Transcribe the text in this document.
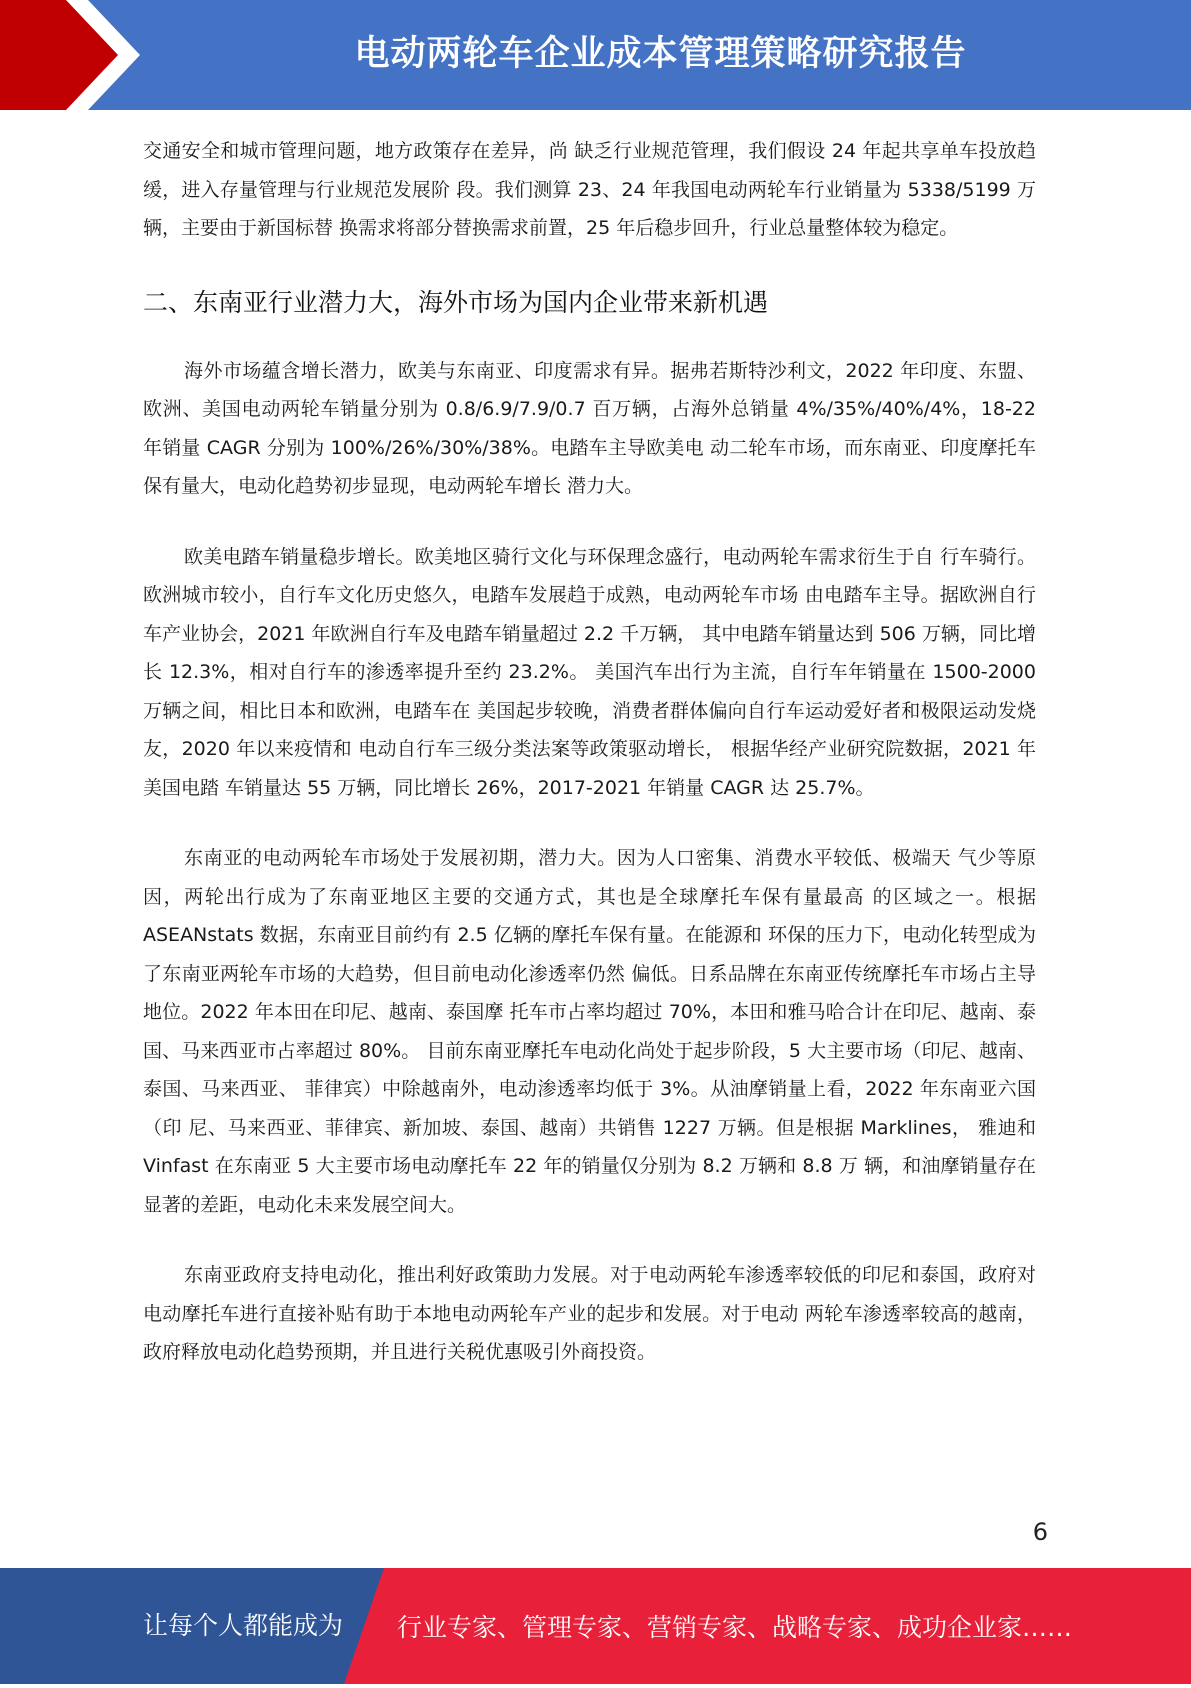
电动两轮车企业成本管理策略研究报告

交通安全和城市管理问题，地方政策存在差异，尚 缺乏行业规范管理，我们假设 24 年起共享单车投放趋缓，进入存量管理与行业规范发展阶 段。我们测算 23、24 年我国电动两轮车行业销量为 5338/5199 万辆，主要由于新国标替 换需求将部分替换需求前置，25 年后稳步回升，行业总量整体较为稳定。

二、东南亚行业潜力大，海外市场为国内企业带来新机遇

海外市场蕴含增长潜力，欧美与东南亚、印度需求有异。据弗若斯特沙利文，2022 年印度、东盟、欧洲、美国电动两轮车销量分别为 0.8/6.9/7.9/0.7 百万辆，占海外总销量 4%/35%/40%/4%，18-22 年销量 CAGR 分别为 100%/26%/30%/38%。电踏车主导欧美电 动二轮车市场，而东南亚、印度摩托车保有量大，电动化趋势初步显现，电动两轮车增长 潜力大。

欧美电踏车销量稳步增长。欧美地区骑行文化与环保理念盛行，电动两轮车需求衍生于自 行车骑行。欧洲城市较小，自行车文化历史悠久，电踏车发展趋于成熟，电动两轮车市场 由电踏车主导。据欧洲自行车产业协会，2021 年欧洲自行车及电踏车销量超过 2.2 千万辆， 其中电踏车销量达到 506 万辆，同比增长 12.3%，相对自行车的渗透率提升至约 23.2%。 美国汽车出行为主流，自行车年销量在 1500-2000 万辆之间，相比日本和欧洲，电踏车在 美国起步较晚，消费者群体偏向自行车运动爱好者和极限运动发烧友，2020 年以来疫情和 电动自行车三级分类法案等政策驱动增长， 根据华经产业研究院数据，2021 年美国电踏 车销量达 55 万辆，同比增长 26%，2017-2021 年销量 CAGR 达 25.7%。

东南亚的电动两轮车市场处于发展初期，潜力大。因为人口密集、消费水平较低、极端天 气少等原因，两轮出行成为了东南亚地区主要的交通方式，其也是全球摩托车保有量最高 的区域之一。根据 ASEANstats 数据，东南亚目前约有 2.5 亿辆的摩托车保有量。在能源和 环保的压力下，电动化转型成为了东南亚两轮车市场的大趋势，但目前电动化渗透率仍然 偏低。日系品牌在东南亚传统摩托车市场占主导地位。2022 年本田在印尼、越南、泰国摩 托车市占率均超过 70%，本田和雅马哈合计在印尼、越南、泰国、马来西亚市占率超过 80%。 目前东南亚摩托车电动化尚处于起步阶段，5 大主要市场（印尼、越南、泰国、马来西亚、 菲律宾）中除越南外，电动渗透率均低于 3%。从油摩销量上看，2022 年东南亚六国（印 尼、马来西亚、菲律宾、新加坡、泰国、越南）共销售 1227 万辆。但是根据 Marklines， 雅迪和 Vinfast 在东南亚 5 大主要市场电动摩托车 22 年的销量仅分别为 8.2 万辆和 8.8 万 辆，和油摩销量存在显著的差距，电动化未来发展空间大。

东南亚政府支持电动化，推出利好政策助力发展。对于电动两轮车渗透率较低的印尼和泰国，政府对电动摩托车进行直接补贴有助于本地电动两轮车产业的起步和发展。对于电动 两轮车渗透率较高的越南，政府释放电动化趋势预期，并且进行关税优惠吸引外商投资。

6
让每个人都能成为 行业专家、管理专家、营销专家、战略专家、成功企业家……
